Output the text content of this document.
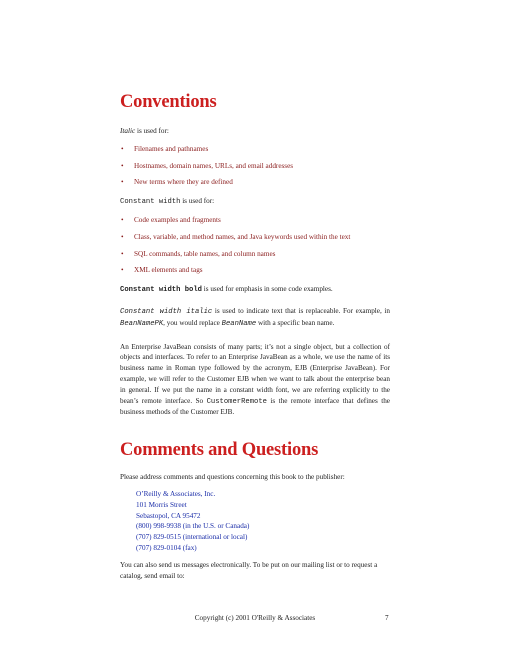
Conventions

Italic is used for:

• Filenames and pathnames
• Hostnames, domain names, URLs, and email addresses
• New terms where they are defined

Constant width is used for:

• Code examples and fragments
• Class, variable, and method names, and Java keywords used within the text
• SQL commands, table names, and column names
• XML elements and tags

Constant width bold is used for emphasis in some code examples.

Constant width italic is used to indicate text that is replaceable. For example, in BeanNamePK, you would replace BeanName with a specific bean name.

An Enterprise JavaBean consists of many parts; it’s not a single object, but a collection of objects and interfaces. To refer to an Enterprise JavaBean as a whole, we use the name of its business name in Roman type followed by the acronym, EJB (Enterprise JavaBean). For example, we will refer to the Customer EJB when we want to talk about the enterprise bean in general. If we put the name in a constant width font, we are referring explicitly to the bean’s remote interface. So CustomerRemote is the remote interface that defines the business methods of the Customer EJB.

Comments and Questions

Please address comments and questions concerning this book to the publisher:

O’Reilly & Associates, Inc.
101 Morris Street
Sebastopol, CA 95472
(800) 998-9938 (in the U.S. or Canada)
(707) 829-0515 (international or local)
(707) 829-0104 (fax)

You can also send us messages electronically. To be put on our mailing list or to request a catalog, send email to:

Copyright (c) 2001 O'Reilly & Associates	7
